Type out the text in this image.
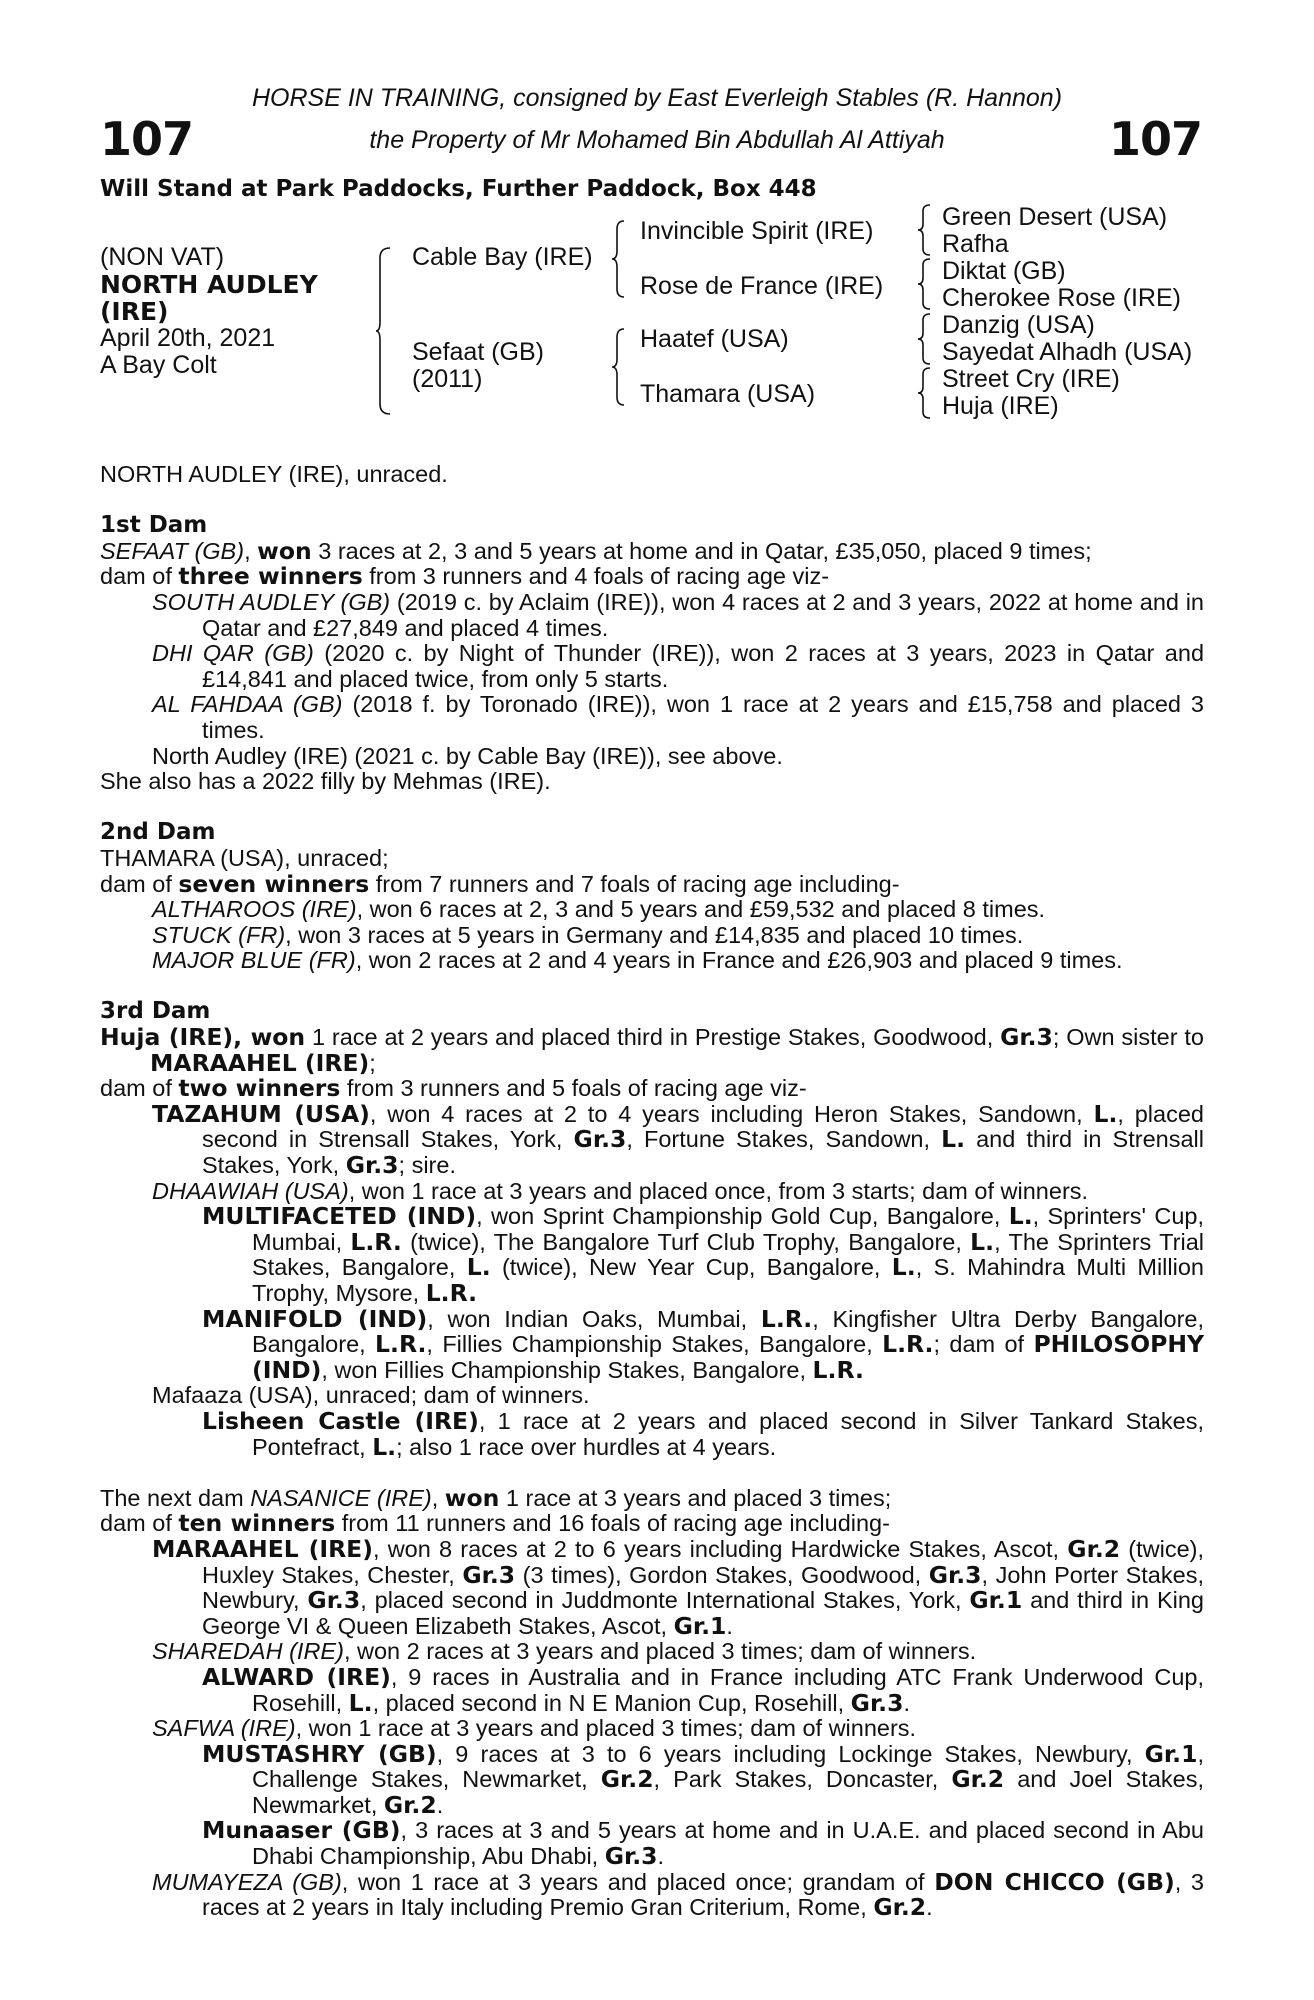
107	107
HORSE IN TRAINING, consigned by East Everleigh Stables (R. Hannon)
the Property of Mr Mohamed Bin Abdullah Al Attiyah
Will Stand at Park Paddocks, Further Paddock, Box 448
(NON VAT)
NORTH AUDLEY
(IRE)
April 20th, 2021
A Bay Colt
Cable Bay (IRE)
Sefaat (GB)
(2011)
Invincible Spirit (IRE)
Rose de France (IRE)
Haatef (USA)
Thamara (USA)
Green Desert (USA)
Rafha
Diktat (GB)
Cherokee Rose (IRE)
Danzig (USA)
Sayedat Alhadh (USA)
Street Cry (IRE)
Huja (IRE)

NORTH AUDLEY (IRE), unraced.

1st Dam

SEFAAT (GB), won 3 races at 2, 3 and 5 years at home and in Qatar, £35,050, placed 9 times;

dam of three winners from 3 runners and 4 foals of racing age viz-

SOUTH AUDLEY (GB) (2019 c. by Aclaim (IRE)), won 4 races at 2 and 3 years, 2022 at home and in Qatar and £27,849 and placed 4 times.

DHI QAR (GB) (2020 c. by Night of Thunder (IRE)), won 2 races at 3 years, 2023 in Qatar and £14,841 and placed twice, from only 5 starts.

AL FAHDAA (GB) (2018 f. by Toronado (IRE)), won 1 race at 2 years and £15,758 and placed 3 times.

North Audley (IRE) (2021 c. by Cable Bay (IRE)), see above.

She also has a 2022 filly by Mehmas (IRE).

2nd Dam

THAMARA (USA), unraced;

dam of seven winners from 7 runners and 7 foals of racing age including-

ALTHAROOS (IRE), won 6 races at 2, 3 and 5 years and £59,532 and placed 8 times.

STUCK (FR), won 3 races at 5 years in Germany and £14,835 and placed 10 times.

MAJOR BLUE (FR), won 2 races at 2 and 4 years in France and £26,903 and placed 9 times.

3rd Dam

Huja (IRE), won 1 race at 2 years and placed third in Prestige Stakes, Goodwood, Gr.3; Own sister to MARAAHEL (IRE);

dam of two winners from 3 runners and 5 foals of racing age viz-

TAZAHUM (USA), won 4 races at 2 to 4 years including Heron Stakes, Sandown, L., placed second in Strensall Stakes, York, Gr.3, Fortune Stakes, Sandown, L. and third in Strensall Stakes, York, Gr.3; sire.

DHAAWIAH (USA), won 1 race at 3 years and placed once, from 3 starts; dam of winners.

MULTIFACETED (IND), won Sprint Championship Gold Cup, Bangalore, L., Sprinters' Cup, Mumbai, L.R. (twice), The Bangalore Turf Club Trophy, Bangalore, L., The Sprinters Trial Stakes, Bangalore, L. (twice), New Year Cup, Bangalore, L., S. Mahindra Multi Million Trophy, Mysore, L.R.

MANIFOLD (IND), won Indian Oaks, Mumbai, L.R., Kingfisher Ultra Derby Bangalore, Bangalore, L.R., Fillies Championship Stakes, Bangalore, L.R.; dam of PHILOSOPHY (IND), won Fillies Championship Stakes, Bangalore, L.R.

Mafaaza (USA), unraced; dam of winners.

Lisheen Castle (IRE), 1 race at 2 years and placed second in Silver Tankard Stakes, Pontefract, L.; also 1 race over hurdles at 4 years.

The next dam NASANICE (IRE), won 1 race at 3 years and placed 3 times;

dam of ten winners from 11 runners and 16 foals of racing age including-

MARAAHEL (IRE), won 8 races at 2 to 6 years including Hardwicke Stakes, Ascot, Gr.2 (twice), Huxley Stakes, Chester, Gr.3 (3 times), Gordon Stakes, Goodwood, Gr.3, John Porter Stakes, Newbury, Gr.3, placed second in Juddmonte International Stakes, York, Gr.1 and third in King George VI & Queen Elizabeth Stakes, Ascot, Gr.1.

SHAREDAH (IRE), won 2 races at 3 years and placed 3 times; dam of winners.

ALWARD (IRE), 9 races in Australia and in France including ATC Frank Underwood Cup, Rosehill, L., placed second in N E Manion Cup, Rosehill, Gr.3.

SAFWA (IRE), won 1 race at 3 years and placed 3 times; dam of winners.

MUSTASHRY (GB), 9 races at 3 to 6 years including Lockinge Stakes, Newbury, Gr.1, Challenge Stakes, Newmarket, Gr.2, Park Stakes, Doncaster, Gr.2 and Joel Stakes, Newmarket, Gr.2.

Munaaser (GB), 3 races at 3 and 5 years at home and in U.A.E. and placed second in Abu Dhabi Championship, Abu Dhabi, Gr.3.

MUMAYEZA (GB), won 1 race at 3 years and placed once; grandam of DON CHICCO (GB), 3 races at 2 years in Italy including Premio Gran Criterium, Rome, Gr.2.
